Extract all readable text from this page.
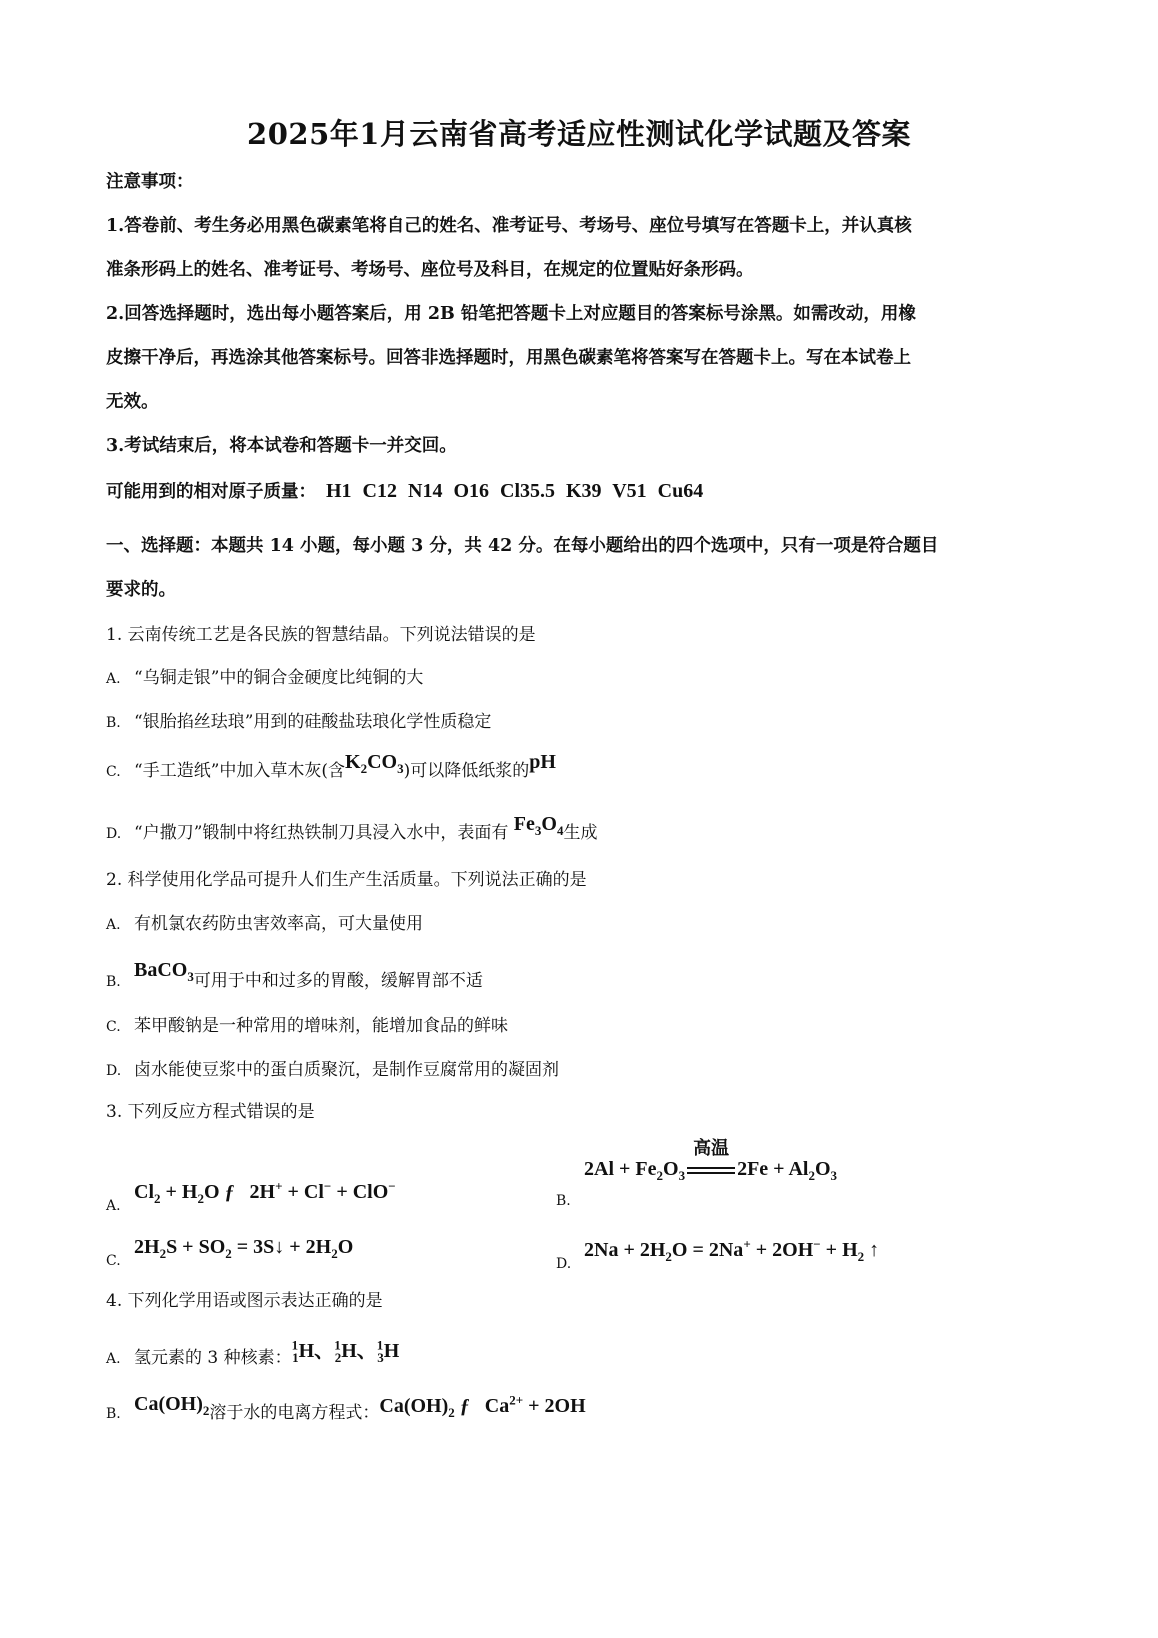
2025年1月云南省高考适应性测试化学试题及答案
注意事项：
1.答卷前、考生务必用黑色碳素笔将自己的姓名、准考证号、考场号、座位号填写在答题卡上，并认真核
准条形码上的姓名、准考证号、考场号、座位号及科目，在规定的位置贴好条形码。
2.回答选择题时，选出每小题答案后，用 2B 铅笔把答题卡上对应题目的答案标号涂黑。如需改动，用橡
皮擦干净后，再选涂其他答案标号。回答非选择题时，用黑色碳素笔将答案写在答题卡上。写在本试卷上
无效。
3.考试结束后，将本试卷和答题卡一并交回。
可能用到的相对原子质量： H1 C12 N14 O16 Cl35.5 K39 V51 Cu64
一、选择题：本题共 14 小题，每小题 3 分，共 42 分。在每小题给出的四个选项中，只有一项是符合题目
要求的。
1. 云南传统工艺是各民族的智慧结晶。下列说法错误的是
A. “乌铜走银”中的铜合金硬度比纯铜的大
B. “银胎掐丝珐琅”用到的硅酸盐珐琅化学性质稳定
C. “手工造纸”中加入草木灰(含$K_2CO_3$)可以降低纸浆的pH
D. “户撒刀”锻制中将红热铁制刀具浸入水中，表面有 $Fe_3O_4$生成
2. 科学使用化学品可提升人们生产生活质量。下列说法正确的是
A. 有机氯农药防虫害效率高，可大量使用
B.BaCO$_3$可用于中和过多的胃酸，缓解胃部不适
C. 苯甲酸钠是一种常用的增味剂，能增加食品的鲜味
D. 卤水能使豆浆中的蛋白质聚沉，是制作豆腐常用的凝固剂
3. 下列反应方程式错误的是
$A.Cl_2 + H_2O$ ƒ   2H+ + Cl− + ClO−
$B.2Al + Fe_2O_3$
高温
$2Fe + Al_2O_3$
$C.2H_2S + SO_2$ = 3S↓ + $2H_2O$
$D.2Na + 2H_2O = 2Na^+ + 2OH^- + H_2$ ↑
4. 下列化学用语或图示表达正确的是
A. 氢元素的 3 种核素：$^1_1$H、$^1_2$H、$^1_3$H
B. $Ca(OH)_2$溶于水的电离方程式：$Ca(OH)_2$ ƒ   $Ca^{2+} + 2OH$
